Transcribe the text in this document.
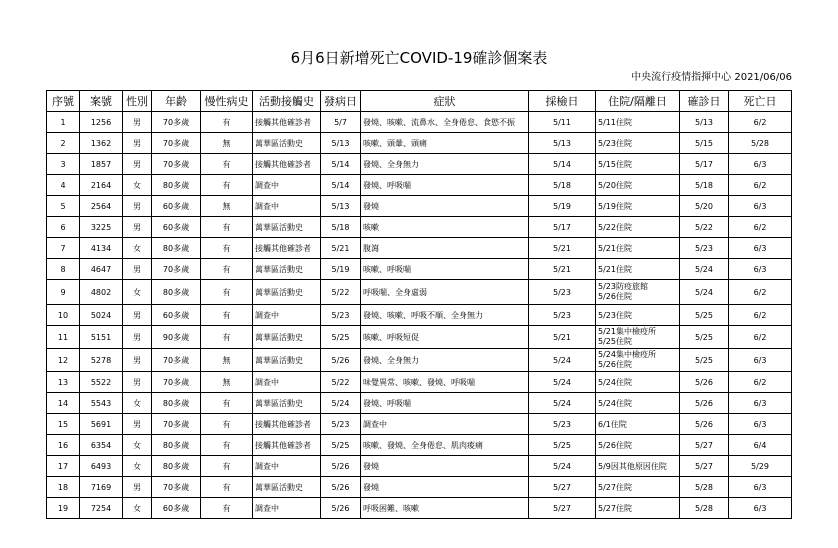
6月6日新增死亡COVID-19確診個案表
中央流行疫情指揮中心 2021/06/06
序號	案號	性別	年齡	慢性病史	活動接觸史	發病日	症狀	採檢日	住院/隔離日	確診日	死亡日
1	1256	男	70多歲	有	接觸其他確診者	5/7	發燒、咳嗽、流鼻水、全身倦怠、食慾不振	5/11	5/11住院	5/13	6/2
2	1362	男	70多歲	無	萬華區活動史	5/13	咳嗽、頭暈、頭痛	5/13	5/23住院	5/15	5/28
3	1857	男	70多歲	有	接觸其他確診者	5/14	發燒、全身無力	5/14	5/15住院	5/17	6/3
4	2164	女	80多歲	有	調查中	5/14	發燒、呼吸喘	5/18	5/20住院	5/18	6/2
5	2564	男	60多歲	無	調查中	5/13	發燒	5/19	5/19住院	5/20	6/3
6	3225	男	60多歲	有	萬華區活動史	5/18	咳嗽	5/17	5/22住院	5/22	6/2
7	4134	女	80多歲	有	接觸其他確診者	5/21	腹瀉	5/21	5/21住院	5/23	6/3
8	4647	男	70多歲	有	萬華區活動史	5/19	咳嗽、呼吸喘	5/21	5/21住院	5/24	6/3
9	4802	女	80多歲	有	萬華區活動史	5/22	呼吸喘、全身虛弱	5/23	5/23防疫旅館
5/26住院	5/24	6/2
10	5024	男	60多歲	有	調查中	5/23	發燒、咳嗽、呼吸不順、全身無力	5/23	5/23住院	5/25	6/2
11	5151	男	90多歲	有	萬華區活動史	5/25	咳嗽、呼吸短促	5/21	5/21集中檢疫所
5/25住院	5/25	6/2
12	5278	男	70多歲	無	萬華區活動史	5/26	發燒、全身無力	5/24	5/24集中檢疫所
5/26住院	5/25	6/3
13	5522	男	70多歲	無	調查中	5/22	味覺異常、咳嗽、發燒、呼吸喘	5/24	5/24住院	5/26	6/2
14	5543	女	80多歲	有	萬華區活動史	5/24	發燒、呼吸喘	5/24	5/24住院	5/26	6/3
15	5691	男	70多歲	有	接觸其他確診者	5/23	調查中	5/23	6/1住院	5/26	6/3
16	6354	女	80多歲	有	接觸其他確診者	5/25	咳嗽、發燒、全身倦怠、肌肉痠痛	5/25	5/26住院	5/27	6/4
17	6493	女	80多歲	有	調查中	5/26	發燒	5/24	5/9因其他原因住院	5/27	5/29
18	7169	男	70多歲	有	萬華區活動史	5/26	發燒	5/27	5/27住院	5/28	6/3
19	7254	女	60多歲	有	調查中	5/26	呼吸困難、咳嗽	5/27	5/27住院	5/28	6/3
